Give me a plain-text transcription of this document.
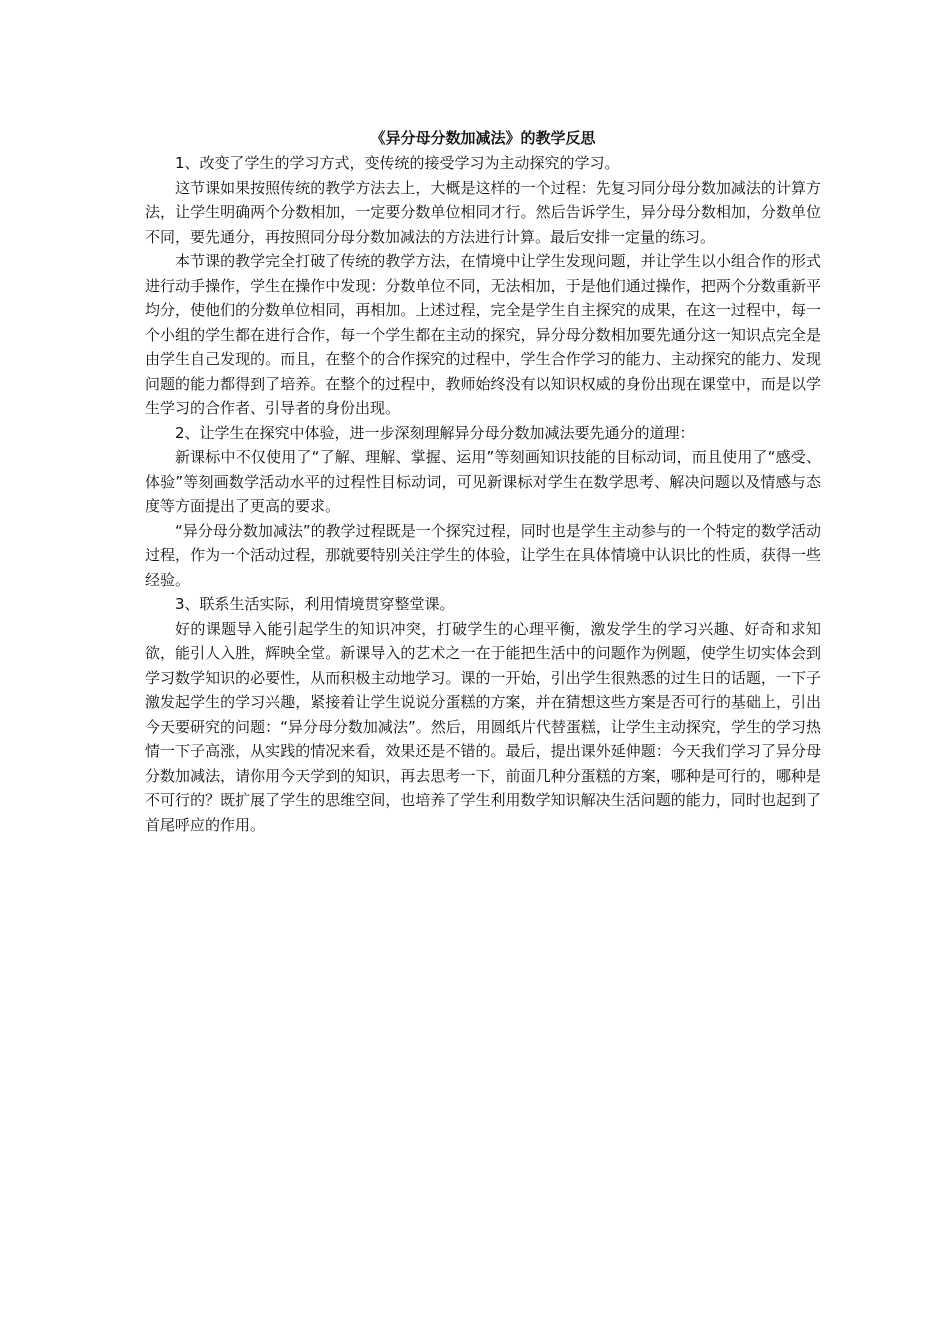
《异分母分数加减法》的教学反思

1、改变了学生的学习方式，变传统的接受学习为主动探究的学习。

这节课如果按照传统的教学方法去上，大概是这样的一个过程：先复习同分母分数加减法的计算方法，让学生明确两个分数相加，一定要分数单位相同才行。然后告诉学生，异分母分数相加，分数单位不同，要先通分，再按照同分母分数加减法的方法进行计算。最后安排一定量的练习。

本节课的教学完全打破了传统的教学方法，在情境中让学生发现问题，并让学生以小组合作的形式进行动手操作，学生在操作中发现：分数单位不同，无法相加，于是他们通过操作，把两个分数重新平均分，使他们的分数单位相同，再相加。上述过程，完全是学生自主探究的成果，在这一过程中，每一个小组的学生都在进行合作，每一个学生都在主动的探究，异分母分数相加要先通分这一知识点完全是由学生自己发现的。而且，在整个的合作探究的过程中，学生合作学习的能力、主动探究的能力、发现问题的能力都得到了培养。在整个的过程中，教师始终没有以知识权威的身份出现在课堂中，而是以学生学习的合作者、引导者的身份出现。

2、让学生在探究中体验，进一步深刻理解异分母分数加减法要先通分的道理：

新课标中不仅使用了“了解、理解、掌握、运用”等刻画知识技能的目标动词，而且使用了“感受、体验”等刻画数学活动水平的过程性目标动词，可见新课标对学生在数学思考、解决问题以及情感与态度等方面提出了更高的要求。

“异分母分数加减法”的教学过程既是一个探究过程，同时也是学生主动参与的一个特定的数学活动过程，作为一个活动过程，那就要特别关注学生的体验，让学生在具体情境中认识比的性质，获得一些经验。

3、联系生活实际，利用情境贯穿整堂课。

好的课题导入能引起学生的知识冲突，打破学生的心理平衡，激发学生的学习兴趣、好奇和求知欲，能引人入胜，辉映全堂。新课导入的艺术之一在于能把生活中的问题作为例题，使学生切实体会到学习数学知识的必要性，从而积极主动地学习。课的一开始，引出学生很熟悉的过生日的话题，一下子激发起学生的学习兴趣，紧接着让学生说说分蛋糕的方案，并在猜想这些方案是否可行的基础上，引出今天要研究的问题：“异分母分数加减法”。然后，用圆纸片代替蛋糕，让学生主动探究，学生的学习热情一下子高涨，从实践的情况来看，效果还是不错的。最后，提出课外延伸题：今天我们学习了异分母分数加减法，请你用今天学到的知识，再去思考一下，前面几种分蛋糕的方案，哪种是可行的，哪种是不可行的？既扩展了学生的思维空间，也培养了学生利用数学知识解决生活问题的能力，同时也起到了首尾呼应的作用。
